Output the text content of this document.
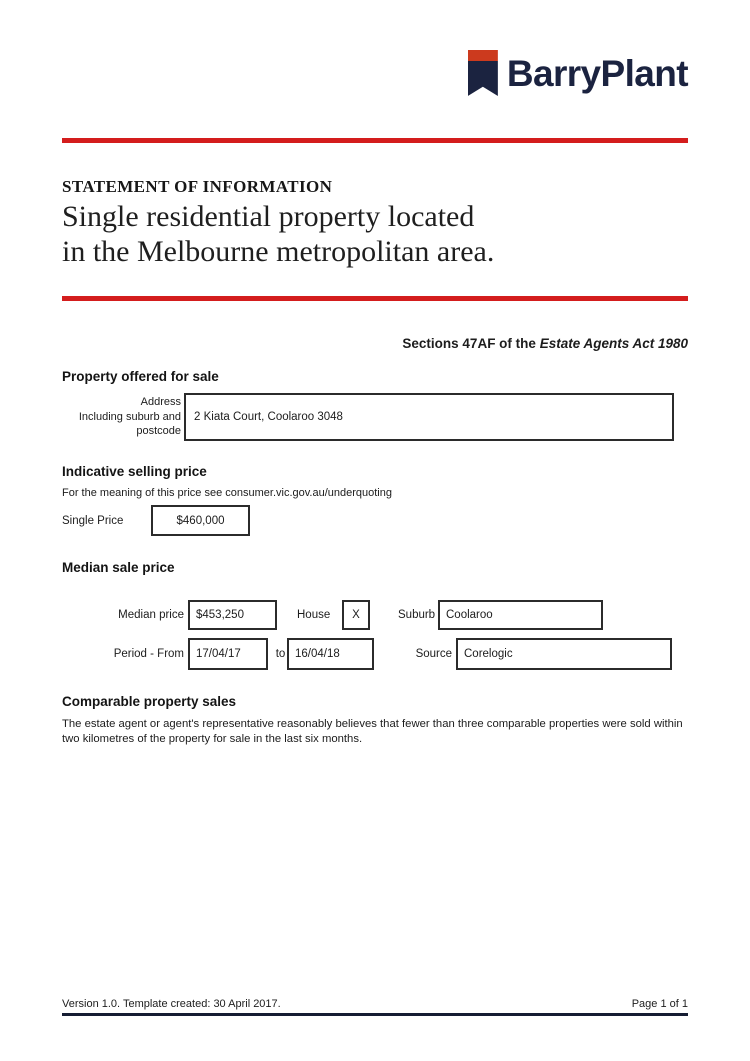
BarryPlant
STATEMENT OF INFORMATION
Single residential property located
in the Melbourne metropolitan area.
Sections 47AF of the Estate Agents Act 1980
Property offered for sale
Address
Including suburb and
postcode
2 Kiata Court, Coolaroo 3048
Indicative selling price
For the meaning of this price see consumer.vic.gov.au/underquoting
Single Price	$460,000
Median sale price
Median price $453,250	House X	Suburb Coolaroo
Period - From 17/04/17	to 16/04/18	Source Corelogic
Comparable property sales

The estate agent or agent's representative reasonably believes that fewer than three comparable properties were sold within two kilometres of the property for sale in the last six months.

Version 1.0. Template created: 30 April 2017.	Page 1 of 1
